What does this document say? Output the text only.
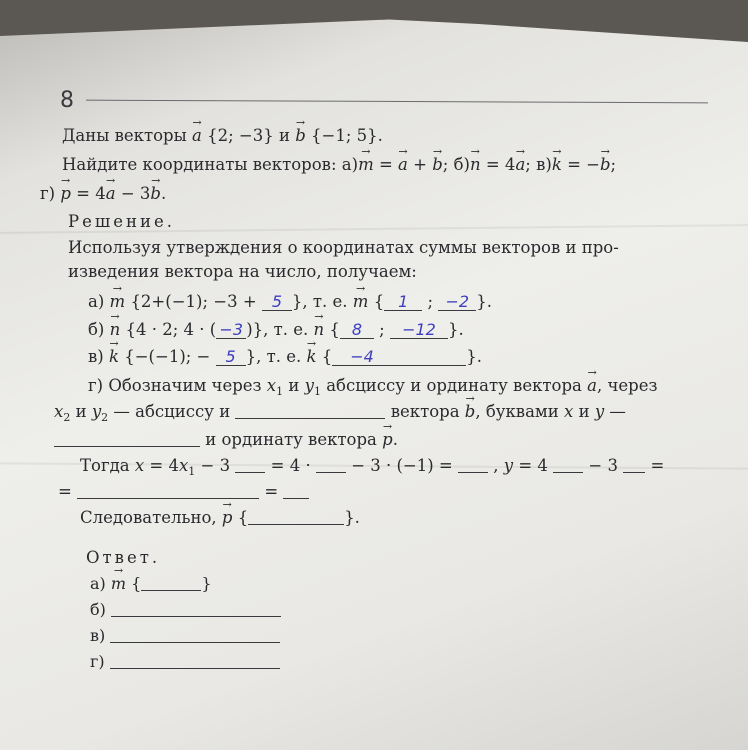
8
Даны векторы → a {2; −3} и → b {−1; 5}.
Найдите координаты векторов: а)→ m = → a + → b; б)→ n = 4→ a; в)→ k = −→ b;
г) → p = 4→ a − 3→ b.
Решение.
Используя утверждения о координатах суммы векторов и про-
изведения вектора на число, получаем:
а) → m {2+(−1); −3 + 5 }, т. е. → m { 1 ; −2 }.
б) → n {4 · 2; 4 · ( −3 )}, т. е. → n { 8 ; −12 }.
в) → k {−(−1); − 5 }, т. е. → k { −4	}.
г) Обозначим через $x_1$ и $y_1$ абсциссу и ординату вектора → a, через
$x_2$ и $y_2$ — абсциссу и	вектора → b, буквами x и y —
и ординату вектора → p.
Тогда $x = 4x_1 - 3 = 4$ · − 3 · (−1) = , y = 4 − 3 =
=	=
Следовательно, → p {	}.
Ответ.
а) → m {	}
б)
в)
г)
